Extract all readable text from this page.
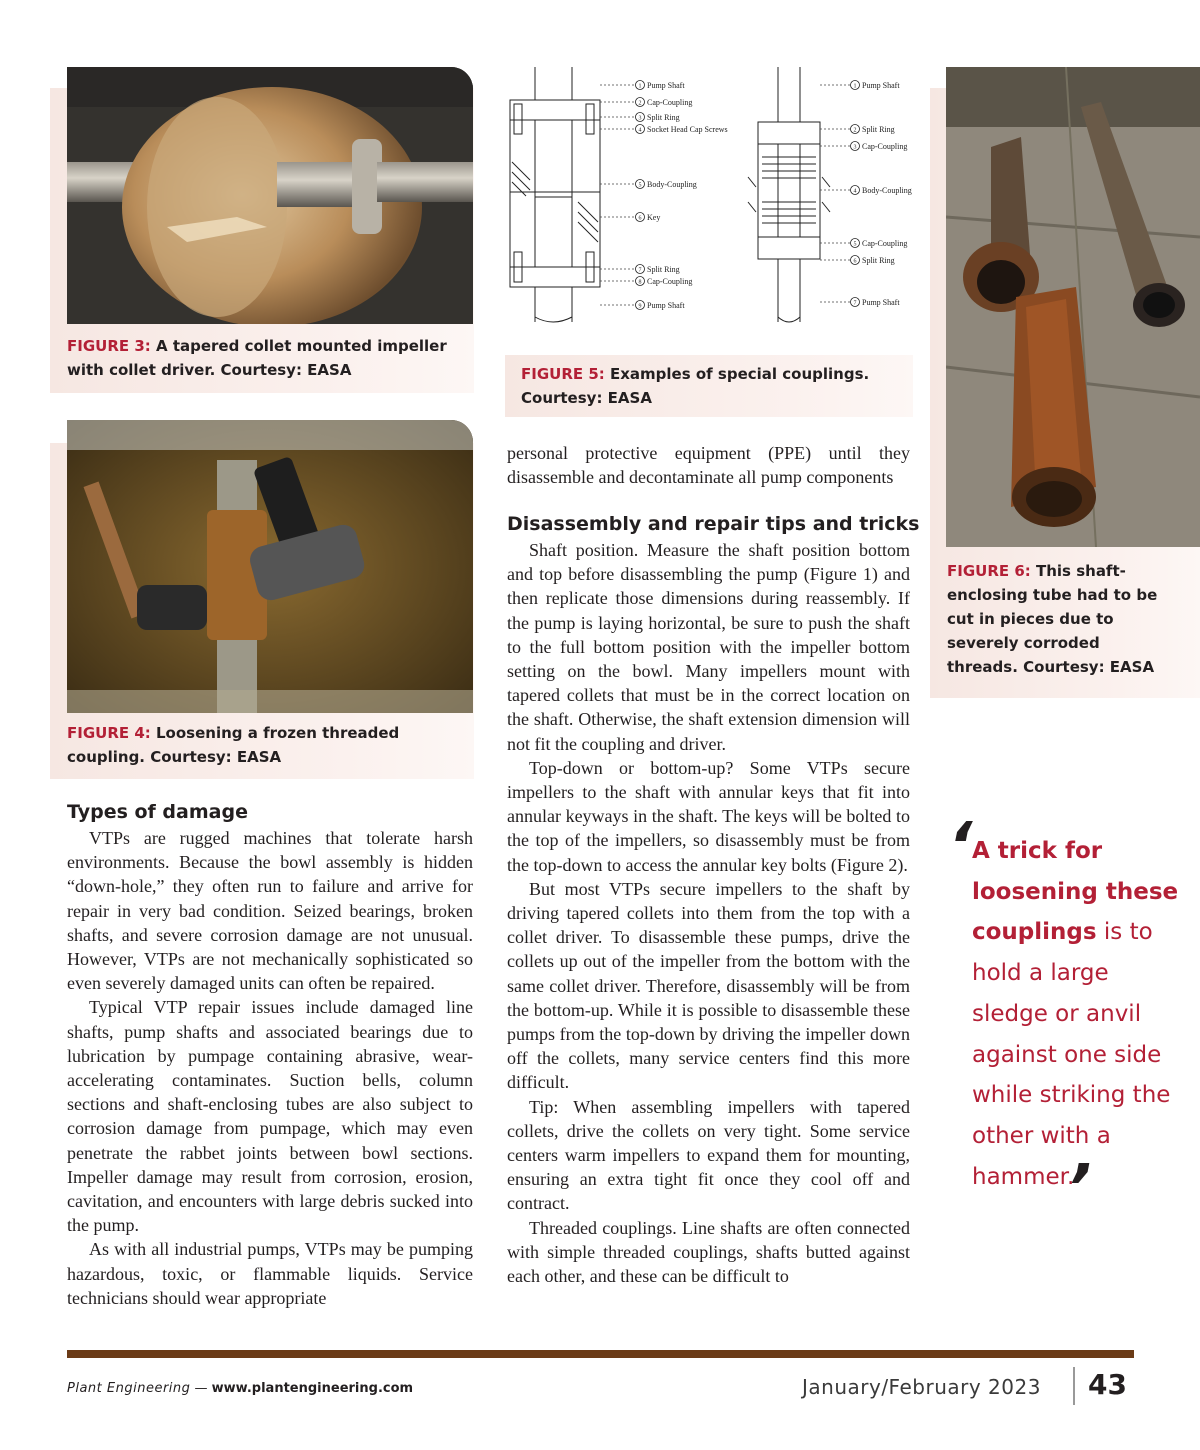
FIGURE 3: A tapered collet mounted impeller with collet driver. Courtesy: EASA
FIGURE 4: Loosening a frozen threaded coupling. Courtesy: EASA
1 Pump Shaft
2 Cap-Coupling
3 Split Ring
4 Socket Head Cap Screws
5 Body-Coupling
6 Key
7 Split Ring
8 Cap-Coupling
9 Pump Shaft
1 Pump Shaft
2 Split Ring
3 Cap-Coupling
4 Body-Coupling
5 Cap-Coupling
6 Split Ring
7 Pump Shaft
FIGURE 5: Examples of special couplings. Courtesy: EASA
FIGURE 6: This shaft-enclosing tube had to be cut in pieces due to severely corroded threads. Courtesy: EASA
Types of damage

VTPs are rugged machines that tolerate harsh environments. Because the bowl assembly is hidden “down-hole,” they often run to failure and arrive for repair in very bad condition. Seized bearings, broken shafts, and severe corrosion damage are not unusual. However, VTPs are not mechanically sophisticated so even severely damaged units can often be repaired.

Typical VTP repair issues include damaged line shafts, pump shafts and associated bearings due to lubrication by pumpage containing abrasive, wear-accelerating contaminates. Suction bells, column sections and shaft-enclosing tubes are also subject to corrosion damage from pumpage, which may even penetrate the rabbet joints between bowl sections. Impeller damage may result from corrosion, erosion, cavitation, and encounters with large debris sucked into the pump.

As with all industrial pumps, VTPs may be pumping hazardous, toxic, or flammable liquids. Service technicians should wear appropriate

personal protective equipment (PPE) until they disassemble and decontaminate all pump components

Disassembly and repair tips and tricks

Shaft position. Measure the shaft position bottom and top before disassembling the pump (Figure 1) and then replicate those dimensions during reassembly. If the pump is laying horizontal, be sure to push the shaft to the full bottom position with the impeller bottom setting on the bowl. Many impellers mount with tapered collets that must be in the correct location on the shaft. Otherwise, the shaft extension dimension will not fit the coupling and driver.

Top-down or bottom-up? Some VTPs secure impellers to the shaft with annular keys that fit into annular keyways in the shaft. The keys will be bolted to the top of the impellers, so disassembly must be from the top-down to access the annular key bolts (Figure 2).

But most VTPs secure impellers to the shaft by driving tapered collets into them from the top with a collet driver. To disassemble these pumps, drive the collets up out of the impeller from the bottom with the same collet driver. Therefore, disassembly will be from the bottom-up. While it is possible to disassemble these pumps from the top-down by driving the impeller down off the collets, many service centers find this more difficult.

Tip: When assembling impellers with tapered collets, drive the collets on very tight. Some service centers warm impellers to expand them for mounting, ensuring an extra tight fit once they cool off and contract.

Threaded couplings. Line shafts are often connected with simple threaded couplings, shafts butted against each other, and these can be difficult to

‘ A trick for loosening these couplings is to hold a large sledge or anvil against one side while striking the other with a hammer.
’
Plant Engineering — www.plantengineering.com	January/February 2023 43
